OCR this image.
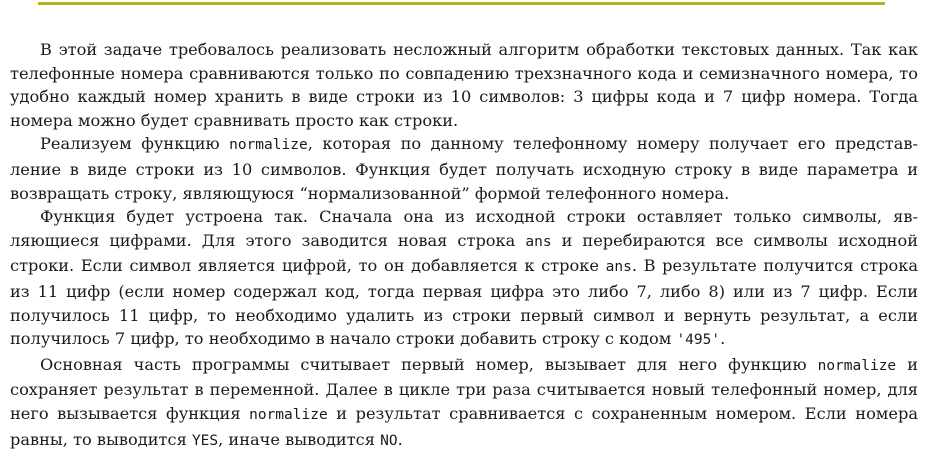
В этой задаче требовалось реализовать несложный алгоритм обработки текстовых данных. Так как телефонные номера сравниваются только по совпадению трехзначного кода и семизначного номера, то удобно каждый номер хранить в виде строки из 10 символов: 3 цифры кода и 7 цифр номера. Тогда номера можно будет сравнивать просто как строки.

Реализуем функцию normalize, которая по данному телефонному номеру получает его представление в виде строки из 10 символов. Функция будет получать исходную строку в виде параметра и возвращать строку, являющуюся “нормализованной” формой телефонного номера.

Функция будет устроена так. Сначала она из исходной строки оставляет только символы, являющиеся цифрами. Для этого заводится новая строка ans и перебираются все символы исходной строки. Если символ является цифрой, то он добавляется к строке ans. В результате получится строка из 11 цифр (если номер содержал код, тогда первая цифра это либо 7, либо 8) или из 7 цифр. Если получилось 11 цифр, то необходимо удалить из строки первый символ и вернуть результат, а если получилось 7 цифр, то необходимо в начало строки добавить строку с кодом '495'.

Основная часть программы считывает первый номер, вызывает для него функцию normalize и сохраняет результат в переменной. Далее в цикле три раза считывается новый телефонный номер, для него вызывается функция normalize и результат сравнивается с сохраненным номером. Если номера равны, то выводится YES, иначе выводится NO.
